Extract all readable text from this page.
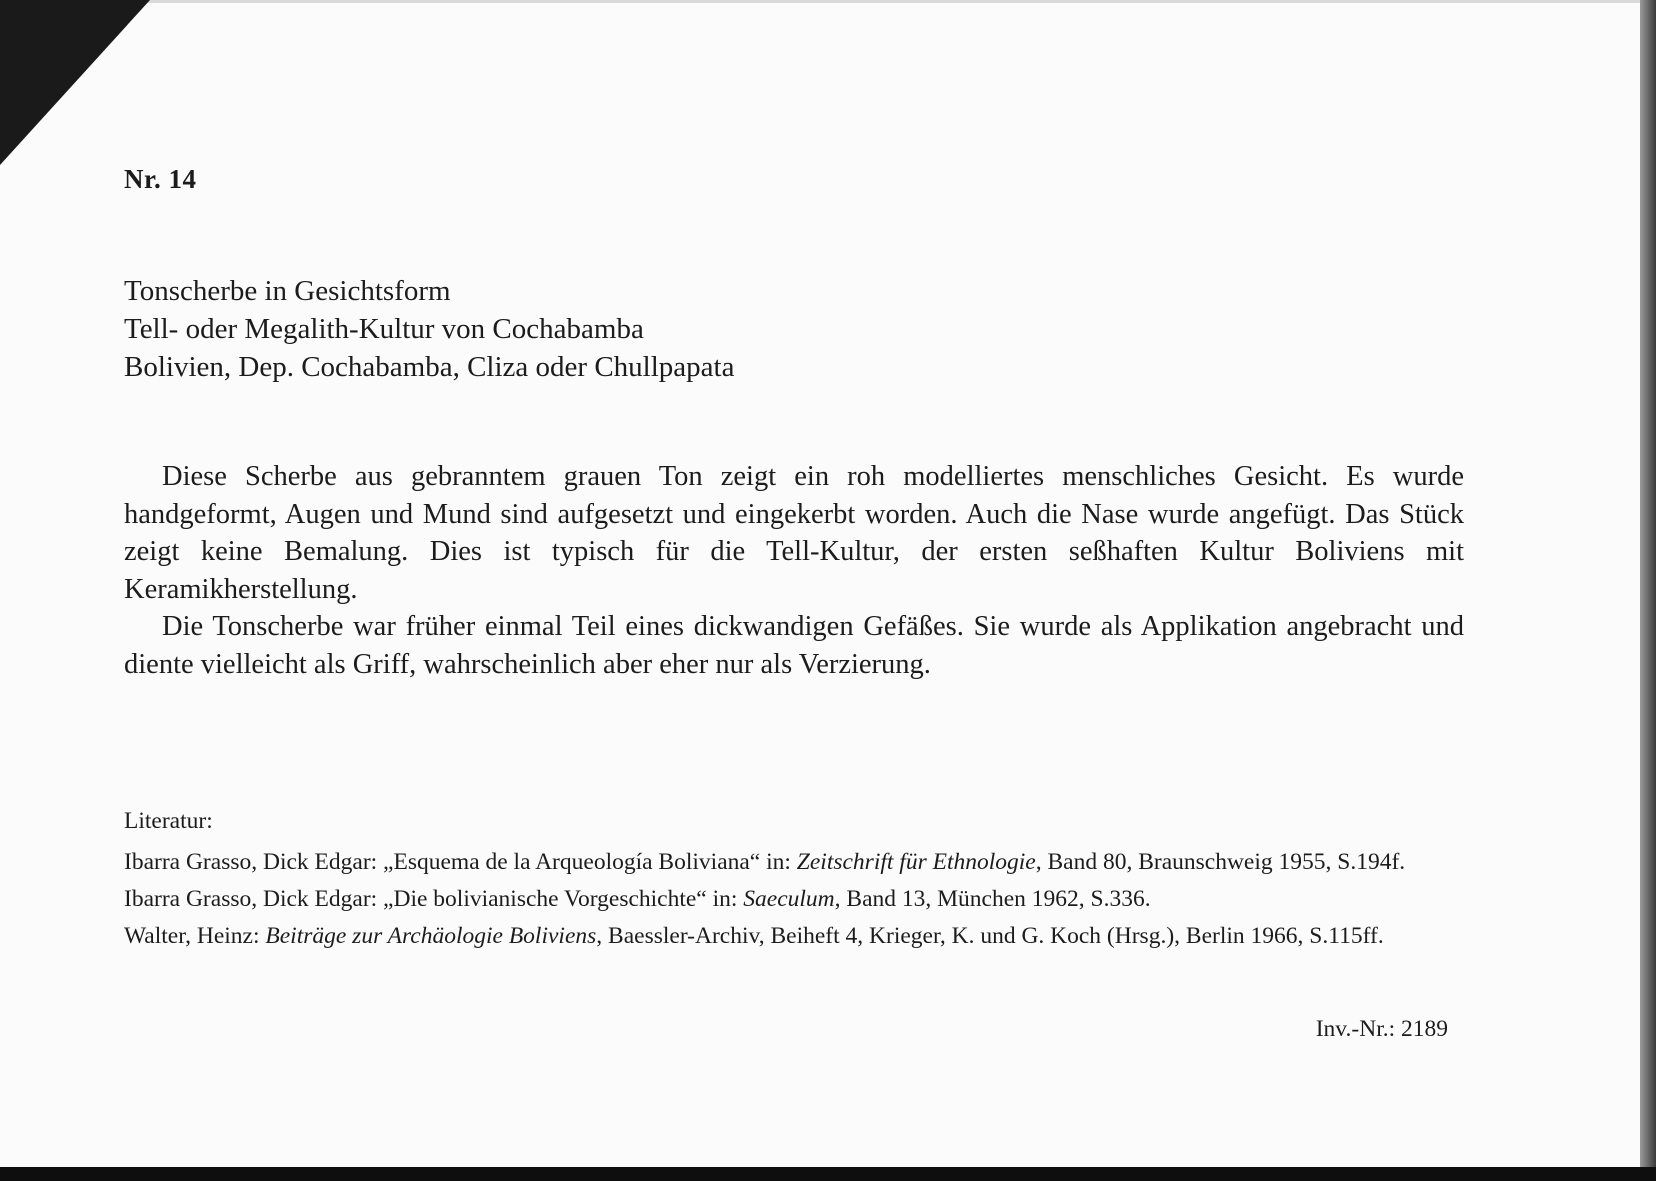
Nr. 14
Tonscherbe in Gesichtsform
Tell- oder Megalith-Kultur von Cochabamba
Bolivien, Dep. Cochabamba, Cliza oder Chullpapata

Diese Scherbe aus gebranntem grauen Ton zeigt ein roh modelliertes menschliches Gesicht. Es wurde handgeformt, Augen und Mund sind aufgesetzt und eingekerbt worden. Auch die Nase wurde angefügt. Das Stück zeigt keine Bemalung. Dies ist typisch für die Tell-Kultur, der ersten seßhaften Kultur Boliviens mit Keramikherstellung.

Die Tonscherbe war früher einmal Teil eines dickwandigen Gefäßes. Sie wurde als Applikation angebracht und diente vielleicht als Griff, wahrscheinlich aber eher nur als Verzierung.

Literatur:
Ibarra Grasso, Dick Edgar: „Esquema de la Arqueología Boliviana“ in: Zeitschrift für Ethnologie, Band 80, Braunschweig 1955, S.194f.
Ibarra Grasso, Dick Edgar: „Die bolivianische Vorgeschichte“ in: Saeculum, Band 13, München 1962, S.336.
Walter, Heinz: Beiträge zur Archäologie Boliviens, Baessler-Archiv, Beiheft 4, Krieger, K. und G. Koch (Hrsg.), Berlin 1966, S.115ff.
Inv.-Nr.: 2189
